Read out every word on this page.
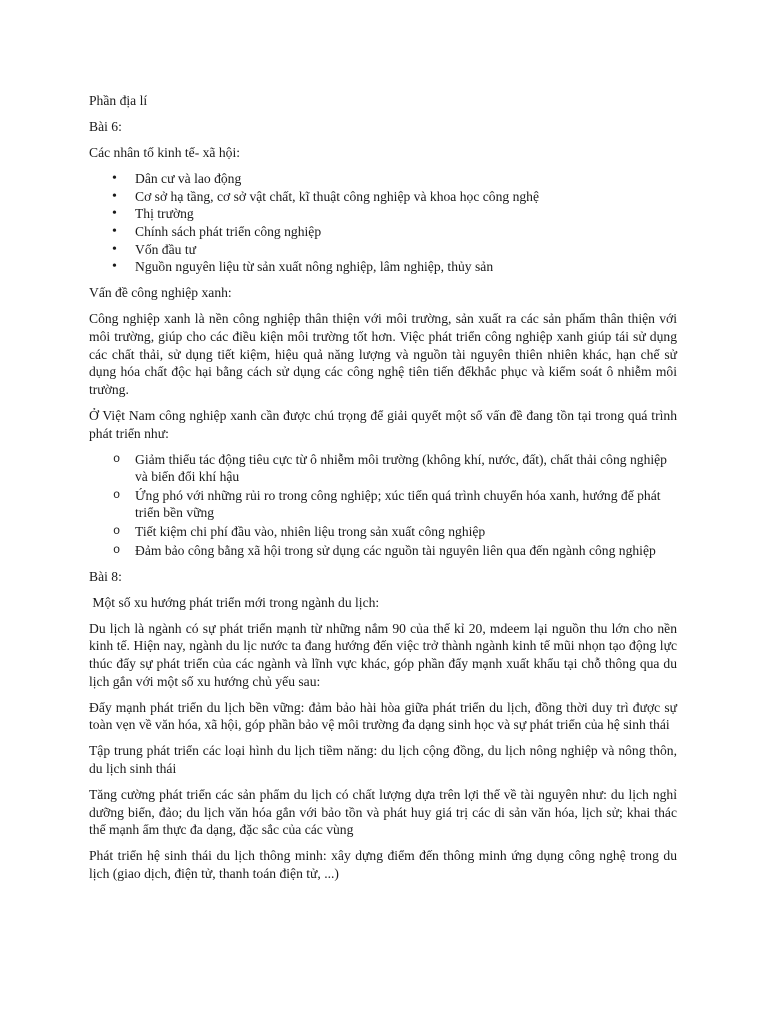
Phần địa lí

Bài 6:

Các nhân tố kinh tế- xã hội:

• Dân cư và lao động
• Cơ sở hạ tầng, cơ sở vật chất, kĩ thuật công nghiệp và khoa học công nghệ
• Thị trường
• Chính sách phát triển công nghiệp
• Vốn đầu tư
• Nguồn nguyên liệu từ sản xuất nông nghiệp, lâm nghiệp, thủy sản

Vấn đề công nghiệp xanh:

Công nghiệp xanh là nền công nghiệp thân thiện với môi trường, sản xuất ra các sản phẩm thân thiện với môi trường, giúp cho các điều kiện môi trường tốt hơn. Việc phát triển công nghiệp xanh giúp tái sử dụng các chất thải, sử dụng tiết kiệm, hiệu quả năng lượng và nguồn tài nguyên thiên nhiên khác, hạn chế sử dụng hóa chất độc hại bằng cách sử dụng các công nghệ tiên tiến đểkhắc phục và kiểm soát ô nhiễm môi trường.

Ở Việt Nam công nghiệp xanh cần được chú trọng để giải quyết một số vấn đề đang tồn tại trong quá trình phát triển như:

o Giảm thiểu tác động tiêu cực từ ô nhiễm môi trường (không khí, nước, đất), chất thải công nghiệp và biến đổi khí hậu
o Ứng phó với những rủi ro trong công nghiệp; xúc tiến quá trình chuyển hóa xanh, hướng đế phát triển bền vững
o Tiết kiệm chi phí đầu vào, nhiên liệu trong sản xuất công nghiệp
o Đảm bảo công bằng xã hội trong sử dụng các nguồn tài nguyên liên qua đến ngành công nghiệp

Bài 8:

Một số xu hướng phát triển mới trong ngành du lịch:

Du lịch là ngành có sự phát triển mạnh từ những nắm 90 của thế kỉ 20, mdeem lại nguồn thu lớn cho nền kinh tế. Hiện nay, ngành du lịc nước ta đang hướng đến việc trở thành ngành kinh tế mũi nhọn tạo động lực thúc đẩy sự phát triển của các ngành và lĩnh vực khác, góp phần đẩy mạnh xuất khẩu tại chỗ thông qua du lịch gắn với một số xu hướng chủ yếu sau:

Đẩy mạnh phát triển du lịch bền vững: đảm bảo hài hòa giữa phát triển du lịch, đồng thời duy trì được sự toàn vẹn về văn hóa, xã hội, góp phần bảo vệ môi trường đa dạng sinh học và sự phát triển của hệ sinh thái

Tập trung phát triển các loại hình du lịch tiềm năng: du lịch cộng đồng, du lịch nông nghiệp và nông thôn, du lịch sinh thái

Tăng cường phát triển các sản phẩm du lịch có chất lượng dựa trên lợi thế về tài nguyên như: du lịch nghỉ dưỡng biển, đảo; du lịch văn hóa gắn với bảo tồn và phát huy giá trị các di sản văn hóa, lịch sử; khai thác thế mạnh ẩm thực đa dạng, đặc sắc của các vùng

Phát triển hệ sinh thái du lịch thông minh: xây dựng điểm đến thông minh ứng dụng công nghệ trong du lịch (giao dịch, điện tử, thanh toán điện tử, ...)
